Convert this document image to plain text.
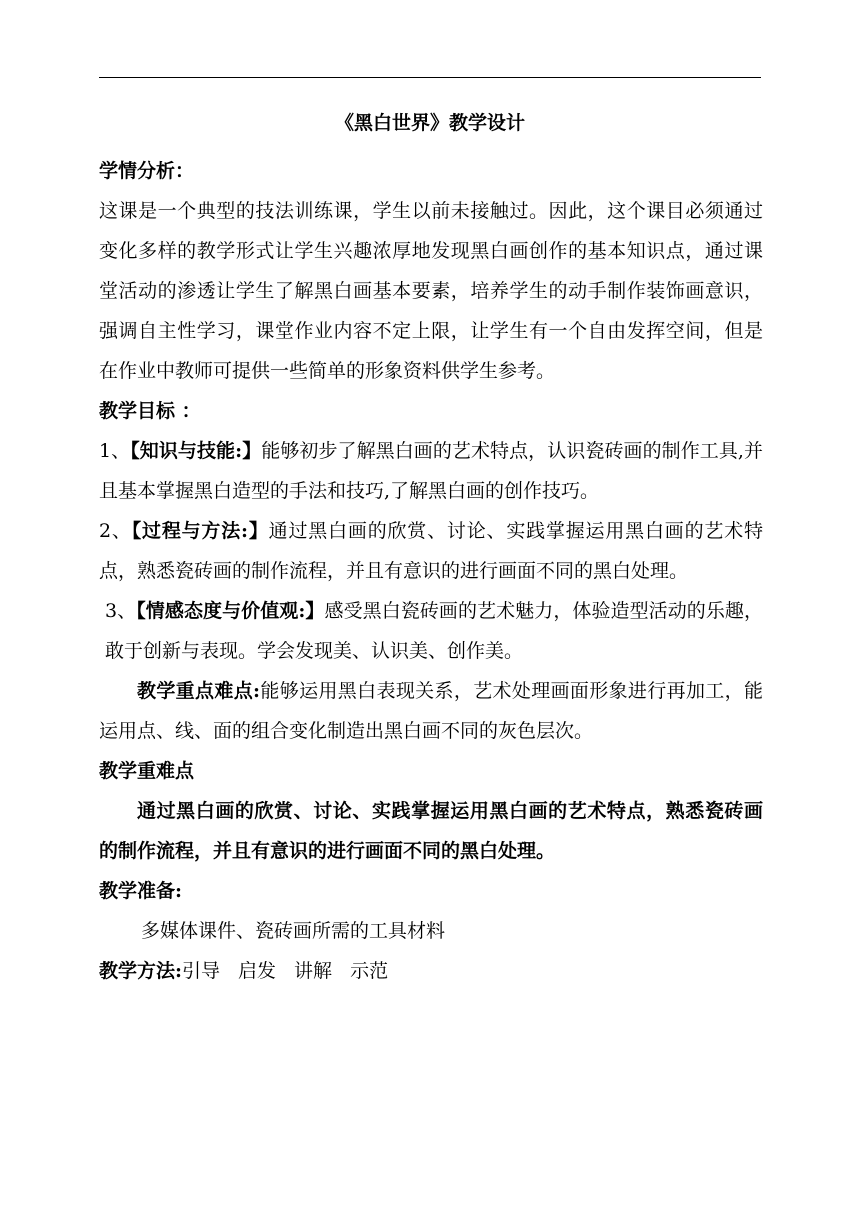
《黑白世界》教学设计

学情分析：

这课是一个典型的技法训练课，学生以前未接触过。因此，这个课目必须通过变化多样的教学形式让学生兴趣浓厚地发现黑白画创作的基本知识点，通过课堂活动的渗透让学生了解黑白画基本要素，培养学生的动手制作装饰画意识，强调自主性学习，课堂作业内容不定上限，让学生有一个自由发挥空间，但是在作业中教师可提供一些简单的形象资料供学生参考。

教学目标 ：

1、【知识与技能:】能够初步了解黑白画的艺术特点，认识瓷砖画的制作工具,并且基本掌握黑白造型的手法和技巧,了解黑白画的创作技巧。

2、【过程与方法:】通过黑白画的欣赏、讨论、实践掌握运用黑白画的艺术特点，熟悉瓷砖画的制作流程，并且有意识的进行画面不同的黑白处理。

3、【情感态度与价值观:】感受黑白瓷砖画的艺术魅力，体验造型活动的乐趣，敢于创新与表现。学会发现美、认识美、创作美。

教学重点难点:能够运用黑白表现关系，艺术处理画面形象进行再加工，能运用点、线、面的组合变化制造出黑白画不同的灰色层次。

教学重难点

通过黑白画的欣赏、讨论、实践掌握运用黑白画的艺术特点，熟悉瓷砖画的制作流程，并且有意识的进行画面不同的黑白处理。

教学准备:

多媒体课件、瓷砖画所需的工具材料

教学方法:引导 启发 讲解 示范
